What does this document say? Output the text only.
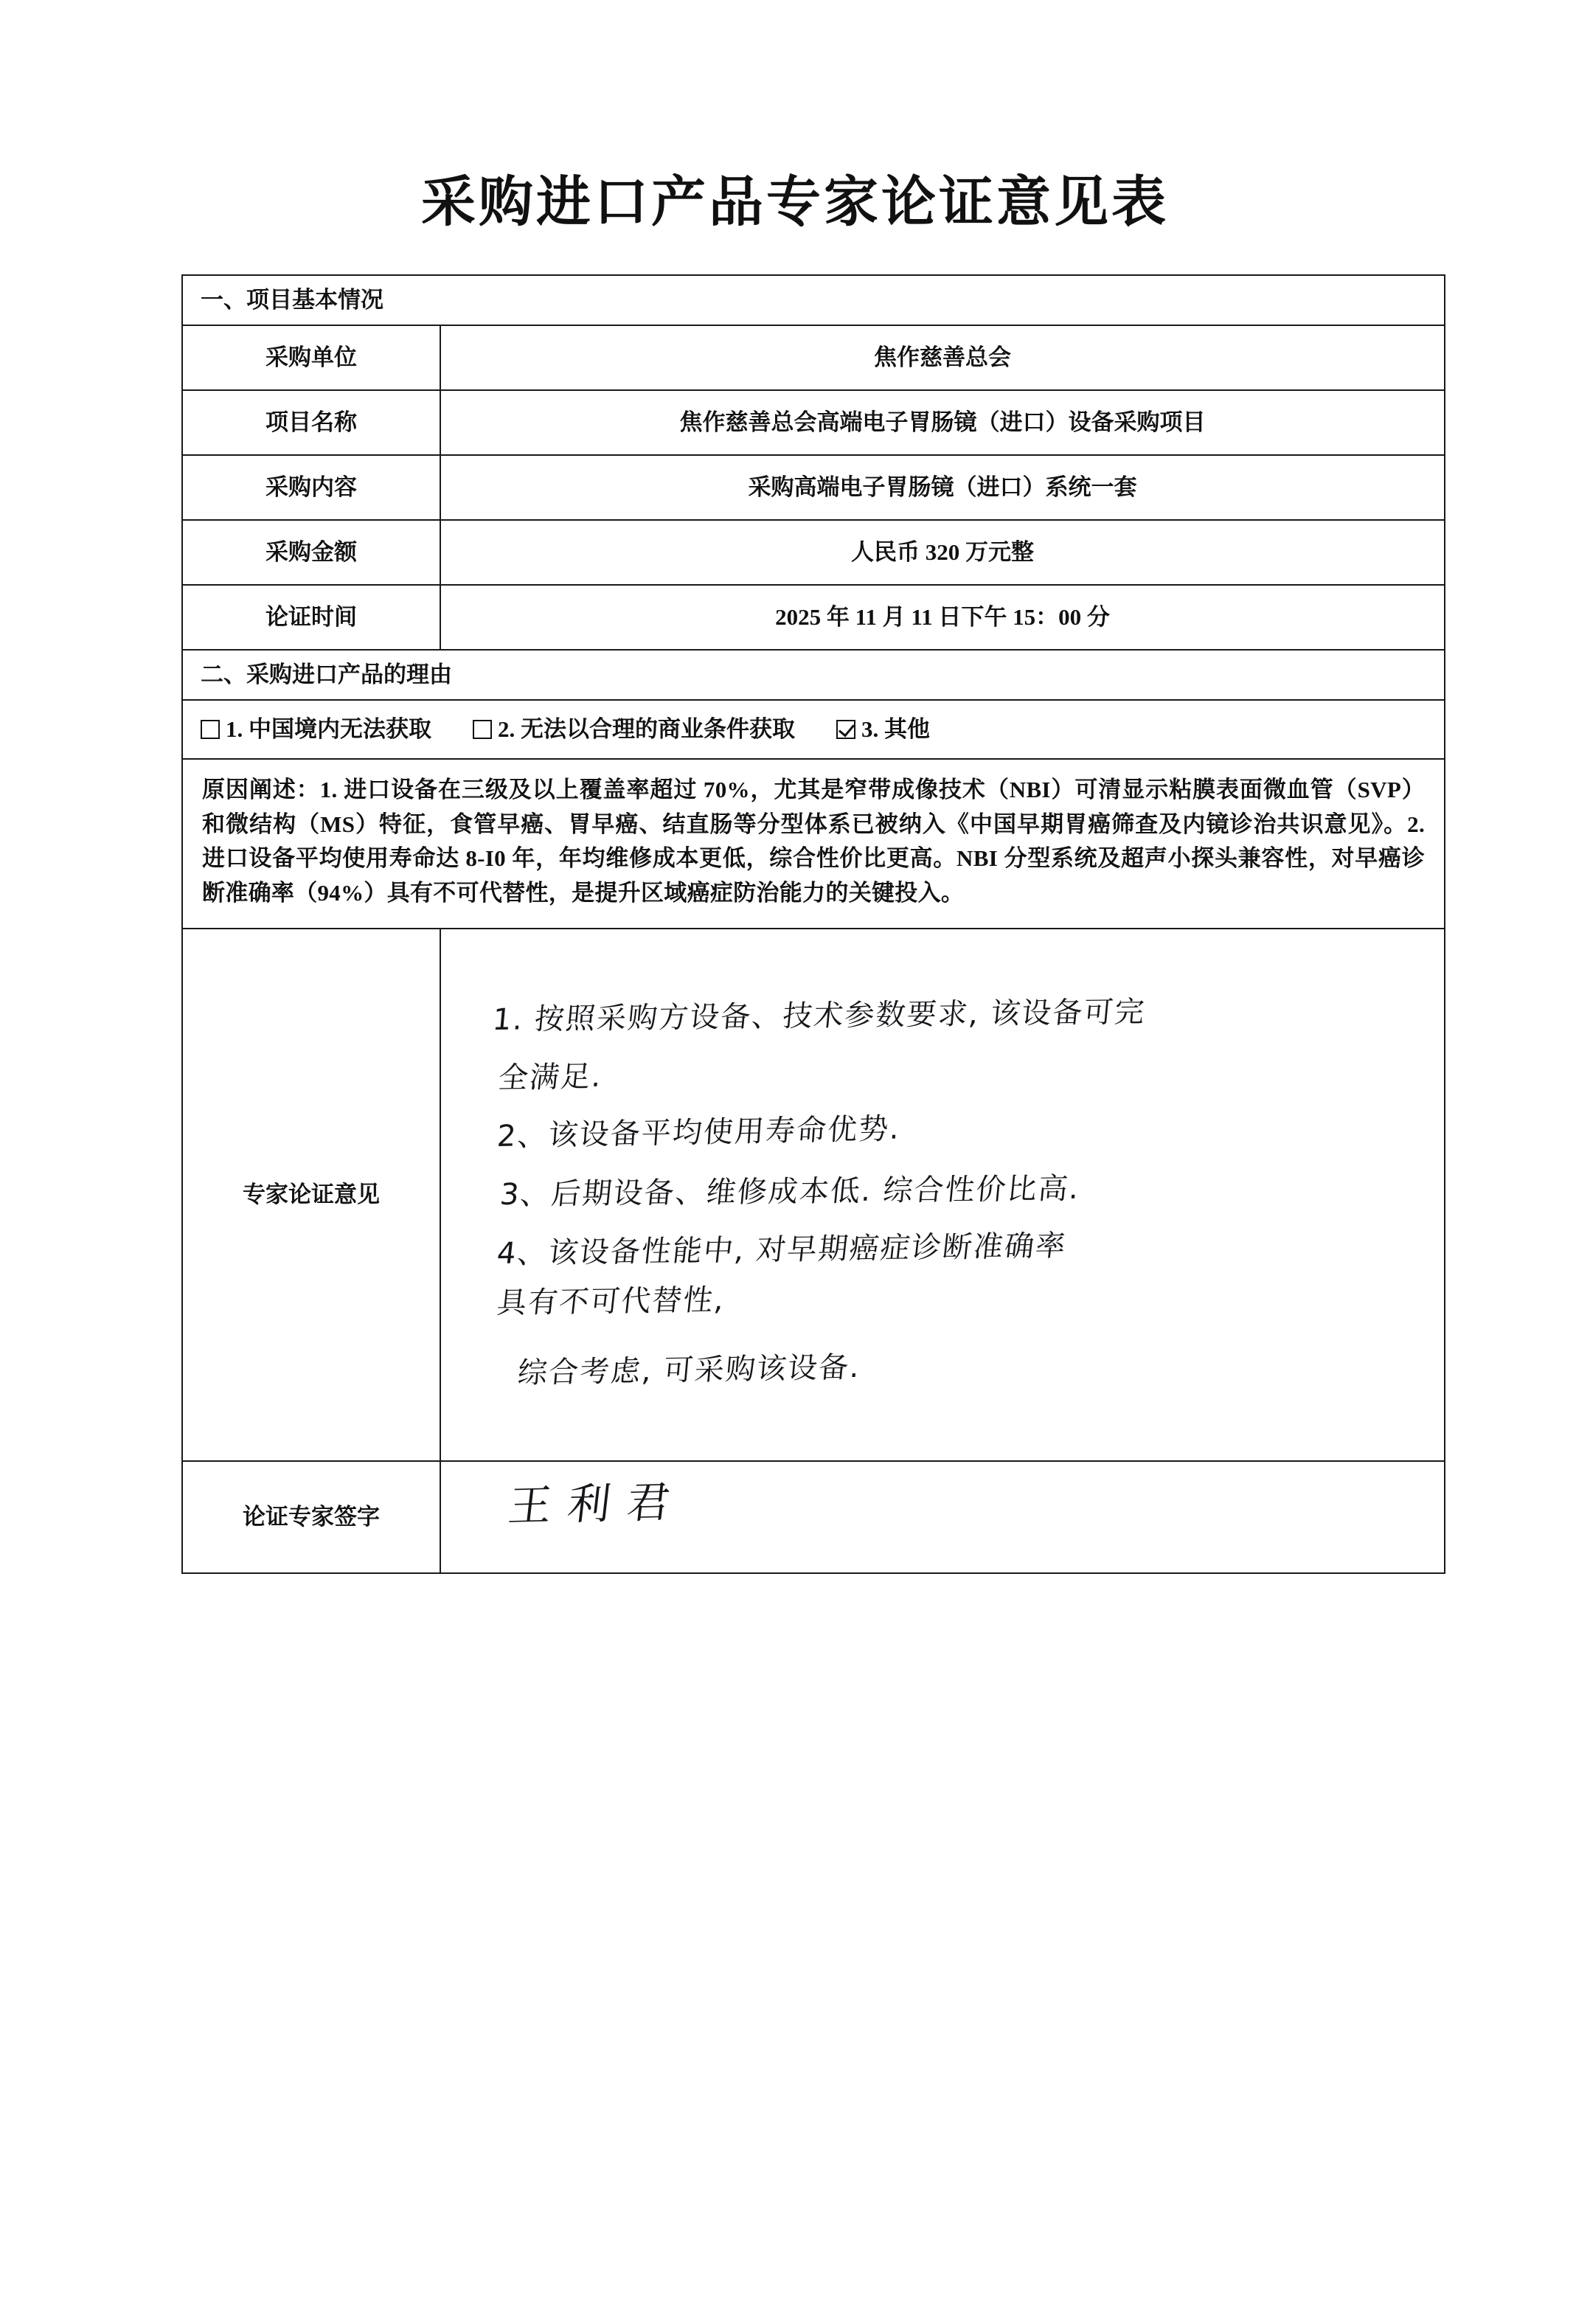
采购进口产品专家论证意见表
一、项目基本情况	
采购单位	焦作慈善总会
项目名称	焦作慈善总会高端电子胃肠镜（进口）设备采购项目
采购内容	采购高端电子胃肠镜（进口）系统一套
采购金额	人民币 320 万元整
论证时间	2025 年 11 月 11 日下午 15：00 分
二、采购进口产品的理由	

1. 中国境内无法获取 2. 无法以合理的商业条件获取 3. 其他	

原因阐述：1. 进口设备在三级及以上覆盖率超过 70%，尤其是窄带成像技术（NBI）可清显示粘膜表面微血管（SVP）和微结构（MS）特征，食管早癌、胃早癌、结直肠等分型体系已被纳入《中国早期胃癌筛查及内镜诊治共识意见》。2. 进口设备平均使用寿命达 8-I0 年，年均维修成本更低，综合性价比更高。NBI 分型系统及超声小探头兼容性，对早癌诊断准确率（94%）具有不可代替性，是提升区域癌症防治能力的关键投入。	
专家论证意见	
1. 按照采购方设备、技术参数要求, 该设备可完
全满足.
2、该设备平均使用寿命优势.
3、后期设备、维修成本低. 综合性价比高.
4、该设备性能中, 对早期癌症诊断准确率
具有不可代替性,
综合考虑, 可采购该设备.

论证专家签字	王利君
